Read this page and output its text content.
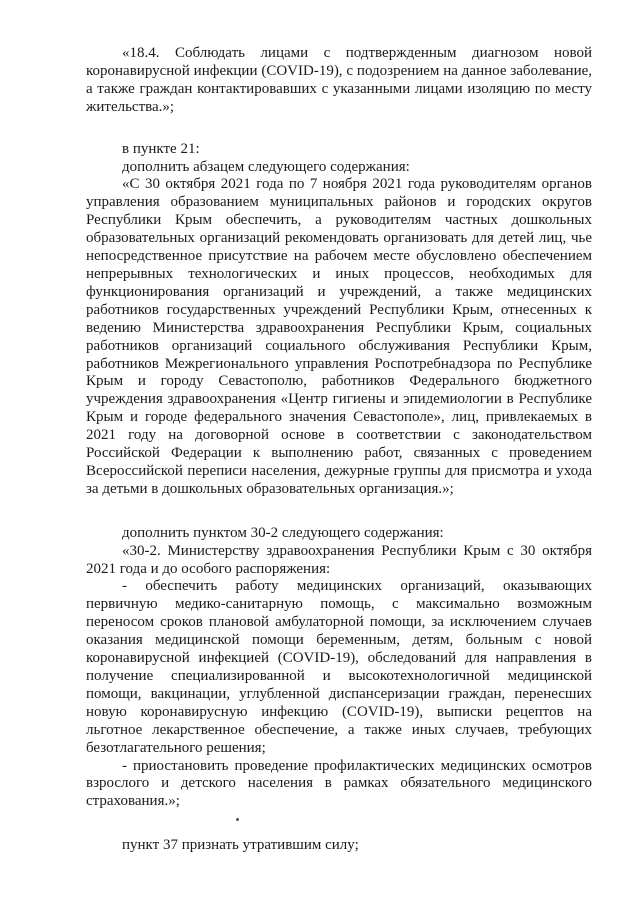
«18.4. Соблюдать лицами с подтвержденным диагнозом новой коронавирусной инфекции (COVID-19), с подозрением на данное заболевание, а также граждан контактировавших с указанными лицами изоляцию по месту жительства.»;

в пункте 21:

дополнить абзацем следующего содержания:

«С 30 октября 2021 года по 7 ноября 2021 года руководителям органов управления образованием муниципальных районов и городских округов Республики Крым обеспечить, а руководителям частных дошкольных образовательных организаций рекомендовать организовать для детей лиц, чье непосредственное присутствие на рабочем месте обусловлено обеспечением непрерывных технологических и иных процессов, необходимых для функционирования организаций и учреждений, а также медицинских работников государственных учреждений Республики Крым, отнесенных к ведению Министерства здравоохранения Республики Крым, социальных работников организаций социального обслуживания Республики Крым, работников Межрегионального управления Роспотребнадзора по Республике Крым и городу Севастополю, работников Федерального бюджетного учреждения здравоохранения «Центр гигиены и эпидемиологии в Республике Крым и городе федерального значения Севастополе», лиц, привлекаемых в 2021 году на договорной основе в соответствии с законодательством Российской Федерации к выполнению работ, связанных с проведением Всероссийской переписи населения, дежурные группы для присмотра и ухода за детьми в дошкольных образовательных организация.»;

дополнить пунктом 30-2 следующего содержания:

«30-2. Министерству здравоохранения Республики Крым с 30 октября 2021 года и до особого распоряжения:

- обеспечить работу медицинских организаций, оказывающих первичную медико-санитарную помощь, с максимально возможным переносом сроков плановой амбулаторной помощи, за исключением случаев оказания медицинской помощи беременным, детям, больным с новой коронавирусной инфекцией (COVID-19), обследований для направления в получение специализированной и высокотехнологичной медицинской помощи, вакцинации, углубленной диспансеризации граждан, перенесших новую коронавирусную инфекцию (COVID-19), выписки рецептов на льготное лекарственное обеспечение, а также иных случаев, требующих безотлагательного решения;

- приостановить проведение профилактических медицинских осмотров взрослого и детского населения в рамках обязательного медицинского страхования.»;

пункт 37 признать утратившим силу;
